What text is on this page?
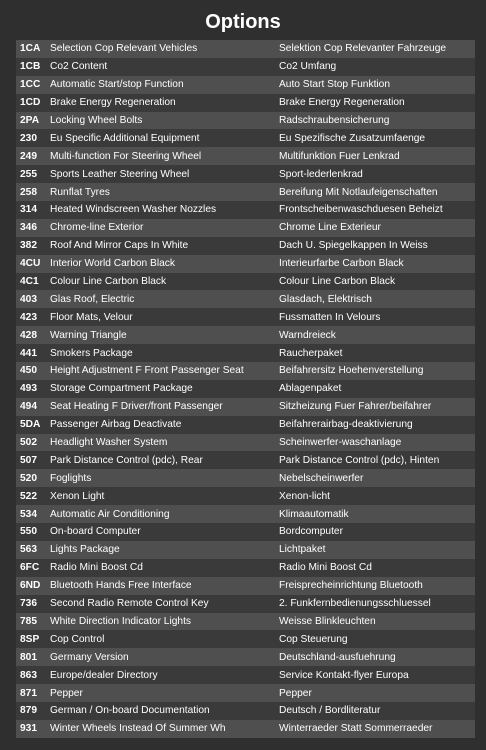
Options
1CA Selection Cop Relevant Vehicles	Selektion Cop Relevanter Fahrzeuge
1CB Co2 Content	Co2 Umfang
1CC Automatic Start/stop Function	Auto Start Stop Funktion
1CD Brake Energy Regeneration	Brake Energy Regeneration
2PA	Locking Wheel Bolts	Radschraubensicherung
230	Eu Specific Additional Equipment	Eu Spezifische Zusatzumfaenge
249	Multi-function For Steering Wheel	Multifunktion Fuer Lenkrad
255	Sports Leather Steering Wheel	Sport-lederlenkrad
258	Runflat Tyres	Bereifung Mit Notlaufeigenschaften
314	Heated Windscreen Washer Nozzles	Frontscheibenwaschduesen Beheizt
346	Chrome-line Exterior	Chrome Line Exterieur
382	Roof And Mirror Caps In White	Dach U. Spiegelkappen In Weiss
4CU Interior World Carbon Black	Interieurfarbe Carbon Black
4C1	Colour Line Carbon Black	Colour Line Carbon Black
403	Glas Roof, Electric	Glasdach, Elektrisch
423	Floor Mats, Velour	Fussmatten In Velours
428	Warning Triangle	Warndreieck
441	Smokers Package	Raucherpaket
450	Height Adjustment F Front Passenger Seat	Beifahrersitz Hoehenverstellung
493	Storage Compartment Package	Ablagenpaket
494	Seat Heating F Driver/front Passenger	Sitzheizung Fuer Fahrer/beifahrer
5DA Passenger Airbag Deactivate	Beifahrerairbag-deaktivierung
502	Headlight Washer System	Scheinwerfer-waschanlage
507	Park Distance Control (pdc), Rear	Park Distance Control (pdc), Hinten
520	Foglights	Nebelscheinwerfer
522	Xenon Light	Xenon-licht
534	Automatic Air Conditioning	Klimaautomatik
550	On-board Computer	Bordcomputer
563	Lights Package	Lichtpaket
6FC	Radio Mini Boost Cd	Radio Mini Boost Cd
6ND Bluetooth Hands Free Interface	Freisprecheinrichtung Bluetooth
736	Second Radio Remote Control Key	2. Funkfernbedienungsschluessel
785	White Direction Indicator Lights	Weisse Blinkleuchten
8SP	Cop Control	Cop Steuerung
801	Germany Version	Deutschland-ausfuehrung
863	Europe/dealer Directory	Service Kontakt-flyer Europa
871	Pepper	Pepper
879	German / On-board Documentation	Deutsch / Bordliteratur
931	Winter Wheels Instead Of Summer Wh	Winterraeder Statt Sommerraeder
